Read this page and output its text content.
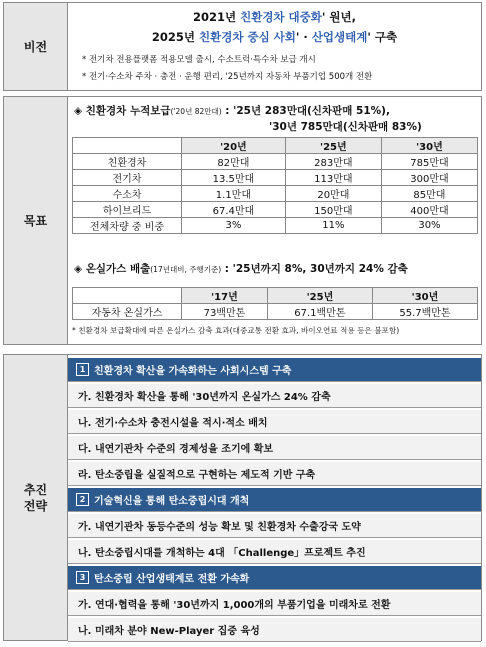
비전
2021년 친환경차 대중화' 원년,
2025년 친환경차 중심 사회' · 산업생태계' 구축
* 전기차 전용플랫폼 적용모델 출시, 수소트럭·특수차 보급 개시
* 전기·수소차 주차 · 충전 · 운행 편리, '25년까지 자동차 부품기업 500개 전환
목표
◈ 친환경차 누적보급('20년 82만대) : '25년 283만대(신차판매 51%),
'30년 785만대(신차판매 83%)
	'20년	'25년	'30년
친환경차	82만대	283만대	785만대
전기차	13.5만대	113만대	300만대
수소차	1.1만대	20만대	85만대
하이브리드	67.4만대	150만대	400만대
전체차량 중 비중	3%	11%	30%
◈ 온실가스 배출(17년대비, 주행기준) : '25년까지 8%, 30년까지 24% 감축
	'17년	'25년	'30년
자동차 온실가스	73백만톤	67.1백만톤	55.7백만톤
* 친환경차 보급확대에 따른 온실가스 감축 효과(대중교통 전환 효과, 바이오연료 적용 등은 불포함)
추진
전략
1 친환경차 확산을 가속화하는 사회시스템 구축
가. 친환경차 확산을 통해 '30년까지 온실가스 24% 감축
나. 전기·수소차 충전시설을 적시·적소 배치
다. 내연기관차 수준의 경제성을 조기에 확보
라. 탄소중립을 실질적으로 구현하는 제도적 기반 구축
2 기술혁신을 통해 탄소중립시대 개척
가. 내연기관차 동등수준의 성능 확보 및 친환경차 수출강국 도약
나. 탄소중립시대를 개척하는 4대 「Challenge」프로젝트 추진
3 탄소중립 산업생태계로 전환 가속화
가. 연대·협력을 통해 '30년까지 1,000개의 부품기업을 미래차로 전환
나. 미래차 분야 New-Player 집중 육성
